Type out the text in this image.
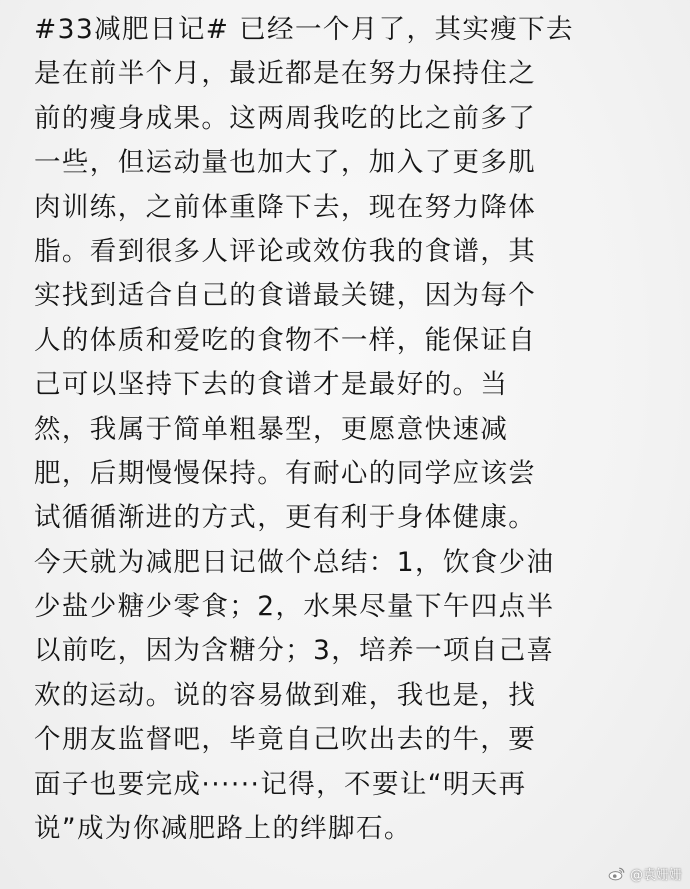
#33减肥日记# 已经一个月了，其实瘦下去
是在前半个月，最近都是在努力保持住之
前的瘦身成果。这两周我吃的比之前多了
一些，但运动量也加大了，加入了更多肌
肉训练，之前体重降下去，现在努力降体
脂。看到很多人评论或效仿我的食谱，其
实找到适合自己的食谱最关键，因为每个
人的体质和爱吃的食物不一样，能保证自
己可以坚持下去的食谱才是最好的。当
然，我属于简单粗暴型，更愿意快速减
肥，后期慢慢保持。有耐心的同学应该尝
试循循渐进的方式，更有利于身体健康。
今天就为减肥日记做个总结：1，饮食少油
少盐少糖少零食；2，水果尽量下午四点半
以前吃，因为含糖分；3，培养一项自己喜
欢的运动。说的容易做到难，我也是，找
个朋友监督吧，毕竟自己吹出去的牛，要
面子也要完成······记得，不要让“明天再
说”成为你减肥路上的绊脚石。
@袁姗姗
